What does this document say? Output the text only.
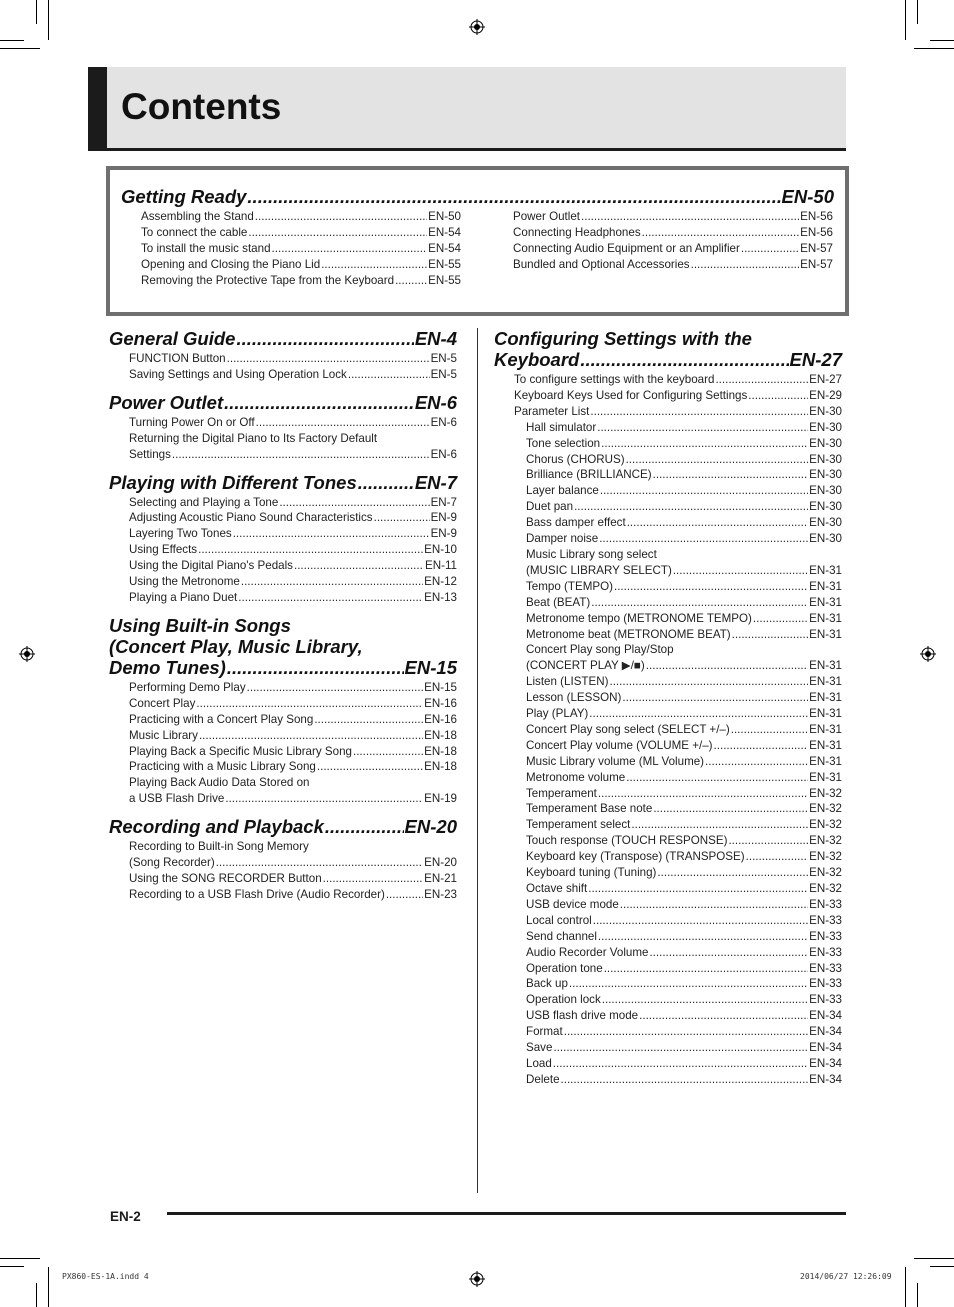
Contents
Getting Ready .....	EN-50
Assembling the Stand .....	EN-50
To connect the cable .....	EN-54
To install the music stand .....	EN-54
Opening and Closing the Piano Lid .....	EN-55
Removing the Protective Tape from the Keyboard .....	EN-55
Power Outlet .....	EN-56
Connecting Headphones .....	EN-56
Connecting Audio Equipment or an Amplifier .....	EN-57
Bundled and Optional Accessories .....	EN-57
General Guide .....	EN-4
FUNCTION Button .....	EN-5
Saving Settings and Using Operation Lock .....	EN-5
Power Outlet .....	EN-6
Turning Power On or Off .....	EN-6
Returning the Digital Piano to Its Factory Default
Settings .....	EN-6
Playing with Different Tones .....	EN-7
Selecting and Playing a Tone .....	EN-7
Adjusting Acoustic Piano Sound Characteristics .....	EN-9
Layering Two Tones .....	EN-9
Using Effects .....	EN-10
Using the Digital Piano's Pedals .....	EN-11
Using the Metronome .....	EN-12
Playing a Piano Duet .....	EN-13
Using Built-in Songs
(Concert Play, Music Library,
Demo Tunes) .....	EN-15
Performing Demo Play .....	EN-15
Concert Play .....	EN-16
Practicing with a Concert Play Song .....	EN-16
Music Library .....	EN-18
Playing Back a Specific Music Library Song .....	EN-18
Practicing with a Music Library Song .....	EN-18
Playing Back Audio Data Stored on
a USB Flash Drive .....	EN-19
Recording and Playback .....	EN-20
Recording to Built-in Song Memory
(Song Recorder) .....	EN-20
Using the SONG RECORDER Button .....	EN-21
Recording to a USB Flash Drive (Audio Recorder) .....	EN-23
Configuring Settings with the
Keyboard .....	EN-27
To configure settings with the keyboard .....	EN-27
Keyboard Keys Used for Configuring Settings .....	EN-29
Parameter List .....	EN-30
Hall simulator .....	EN-30
Tone selection .....	EN-30
Chorus (CHORUS) .....	EN-30
Brilliance (BRILLIANCE) .....	EN-30
Layer balance .....	EN-30
Duet pan .....	EN-30
Bass damper effect .....	EN-30
Damper noise .....	EN-30
Music Library song select
(MUSIC LIBRARY SELECT) .....	EN-31
Tempo (TEMPO) .....	EN-31
Beat (BEAT) .....	EN-31
Metronome tempo (METRONOME TEMPO) .....	EN-31
Metronome beat (METRONOME BEAT) .....	EN-31
Concert Play song Play/Stop
(CONCERT PLAY ▶/■) .....	EN-31
Listen (LISTEN) .....	EN-31
Lesson (LESSON) .....	EN-31
Play (PLAY) .....	EN-31
Concert Play song select (SELECT +/–) .....	EN-31
Concert Play volume (VOLUME +/–) .....	EN-31
Music Library volume (ML Volume) .....	EN-31
Metronome volume .....	EN-31
Temperament .....	EN-32
Temperament Base note .....	EN-32
Temperament select .....	EN-32
Touch response (TOUCH RESPONSE) .....	EN-32
Keyboard key (Transpose) (TRANSPOSE) .....	EN-32
Keyboard tuning (Tuning) .....	EN-32
Octave shift .....	EN-32
USB device mode .....	EN-33
Local control .....	EN-33
Send channel .....	EN-33
Audio Recorder Volume .....	EN-33
Operation tone .....	EN-33
Back up .....	EN-33
Operation lock .....	EN-33
USB flash drive mode .....	EN-34
Format .....	EN-34
Save .....	EN-34
Load .....	EN-34
Delete .....	EN-34
EN-2
PX860-ES-1A.indd 4	2014/06/27 12:26:09
